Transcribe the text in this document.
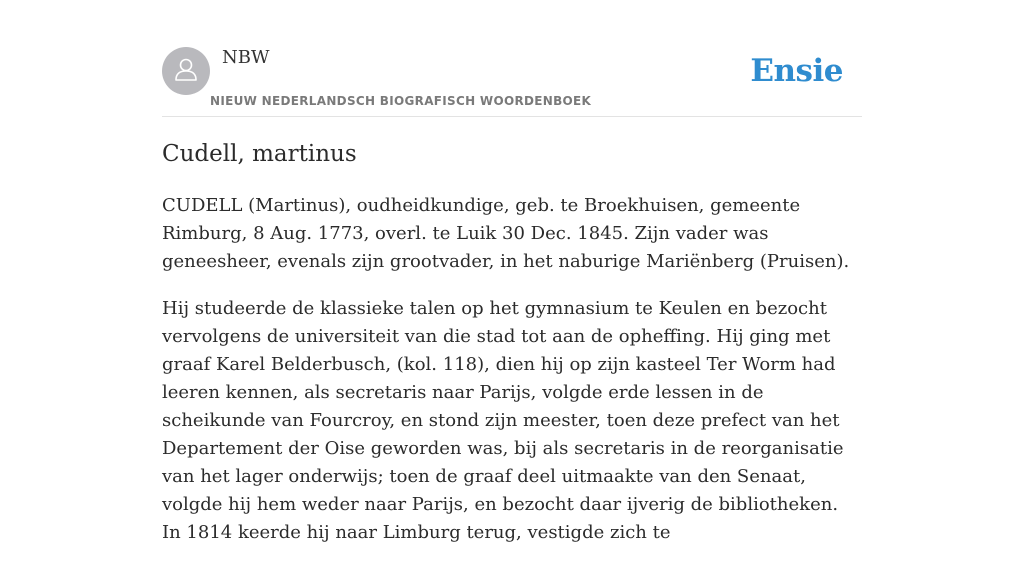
NBW
NIEUW NEDERLANDSCH BIOGRAFISCH WOORDENBOEK
Ensie
Cudell, martinus

CUDELL (Martinus), oudheidkundige, geb. te Broekhuisen, gemeente Rimburg, 8 Aug. 1773, overl. te Luik 30 Dec. 1845. Zijn vader was geneesheer, evenals zijn grootvader, in het naburige Mariënberg (Pruisen).

Hij studeerde de klassieke talen op het gymnasium te Keulen en bezocht vervolgens de universiteit van die stad tot aan de opheffing. Hij ging met graaf Karel Belderbusch, (kol. 118), dien hij op zijn kasteel Ter Worm had leeren kennen, als secretaris naar Parijs, volgde erde lessen in de scheikunde van Fourcroy, en stond zijn meester, toen deze prefect van het Departement der Oise geworden was, bij als secretaris in de reorganisatie van het lager onderwijs; toen de graaf deel uitmaakte van den Senaat, volgde hij hem weder naar Parijs, en bezocht daar ijverig de bibliotheken. In 1814 keerde hij naar Limburg terug, vestigde zich te
